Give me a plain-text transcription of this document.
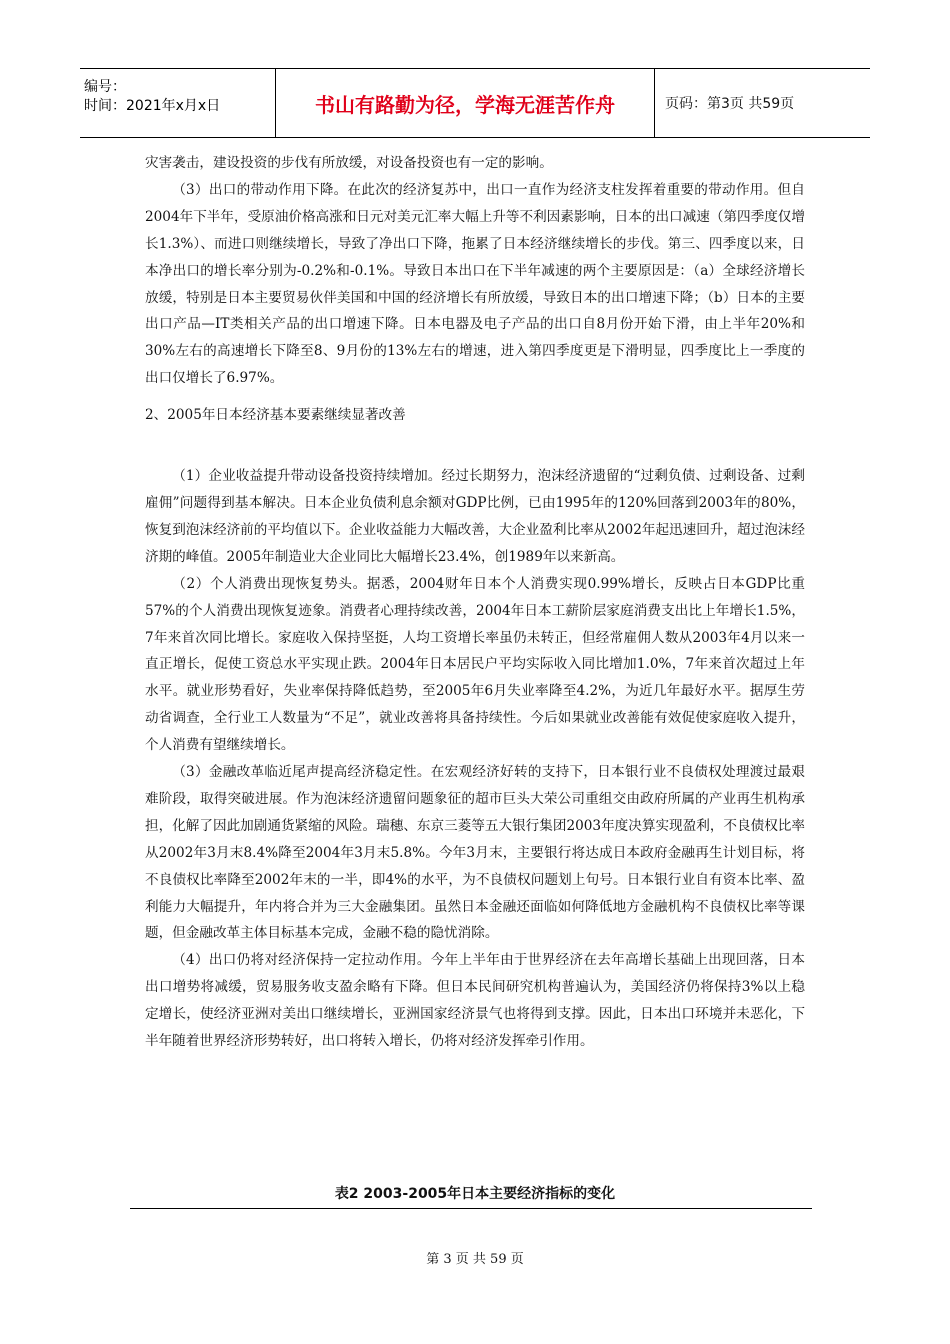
编号：
时间：2021年x月x日	书山有路勤为径，学海无涯苦作舟	页码：第3页 共59页

灾害袭击，建设投资的步伐有所放缓，对设备投资也有一定的影响。

（3）出口的带动作用下降。在此次的经济复苏中，出口一直作为经济支柱发挥着重要的带动作用。但自2004年下半年，受原油价格高涨和日元对美元汇率大幅上升等不利因素影响，日本的出口减速（第四季度仅增长1.3%）、而进口则继续增长，导致了净出口下降，拖累了日本经济继续增长的步伐。第三、四季度以来，日本净出口的增长率分别为-0.2%和-0.1%。导致日本出口在下半年减速的两个主要原因是：（a）全球经济增长放缓，特别是日本主要贸易伙伴美国和中国的经济增长有所放缓，导致日本的出口增速下降；（b）日本的主要出口产品—IT类相关产品的出口增速下降。日本电器及电子产品的出口自8月份开始下滑，由上半年20%和30%左右的高速增长下降至8、9月份的13%左右的增速，进入第四季度更是下滑明显，四季度比上一季度的出口仅增长了6.97%。

2、2005年日本经济基本要素继续显著改善

（1）企业收益提升带动设备投资持续增加。经过长期努力，泡沫经济遗留的“过剩负债、过剩设备、过剩雇佣”问题得到基本解决。日本企业负债利息余额对GDP比例，已由1995年的120%回落到2003年的80%，恢复到泡沫经济前的平均值以下。企业收益能力大幅改善，大企业盈利比率从2002年起迅速回升，超过泡沫经济期的峰值。2005年制造业大企业同比大幅增长23.4%，创1989年以来新高。

（2）个人消费出现恢复势头。据悉，2004财年日本个人消费实现0.99%增长，反映占日本GDP比重57%的个人消费出现恢复迹象。消费者心理持续改善，2004年日本工薪阶层家庭消费支出比上年增长1.5%，7年来首次同比增长。家庭收入保持坚挺，人均工资增长率虽仍未转正，但经常雇佣人数从2003年4月以来一直正增长，促使工资总水平实现止跌。2004年日本居民户平均实际收入同比增加1.0%，7年来首次超过上年水平。就业形势看好，失业率保持降低趋势，至2005年6月失业率降至4.2%，为近几年最好水平。据厚生劳动省调查，全行业工人数量为“不足”，就业改善将具备持续性。今后如果就业改善能有效促使家庭收入提升，个人消费有望继续增长。

（3）金融改革临近尾声提高经济稳定性。在宏观经济好转的支持下，日本银行业不良债权处理渡过最艰难阶段，取得突破进展。作为泡沫经济遗留问题象征的超市巨头大荣公司重组交由政府所属的产业再生机构承担，化解了因此加剧通货紧缩的风险。瑞穗、东京三菱等五大银行集团2003年度决算实现盈利，不良债权比率从2002年3月末8.4%降至2004年3月末5.8%。今年3月末，主要银行将达成日本政府金融再生计划目标，将不良债权比率降至2002年末的一半，即4%的水平，为不良债权问题划上句号。日本银行业自有资本比率、盈利能力大幅提升，年内将合并为三大金融集团。虽然日本金融还面临如何降低地方金融机构不良债权比率等课题，但金融改革主体目标基本完成，金融不稳的隐忧消除。

（4）出口仍将对经济保持一定拉动作用。今年上半年由于世界经济在去年高增长基础上出现回落，日本出口增势将减缓，贸易服务收支盈余略有下降。但日本民间研究机构普遍认为，美国经济仍将保持3%以上稳定增长，使经济亚洲对美出口继续增长，亚洲国家经济景气也将得到支撑。因此，日本出口环境并未恶化，下半年随着世界经济形势转好，出口将转入增长，仍将对经济发挥牵引作用。

表2 2003-2005年日本主要经济指标的变化
第 3 页 共 59 页
